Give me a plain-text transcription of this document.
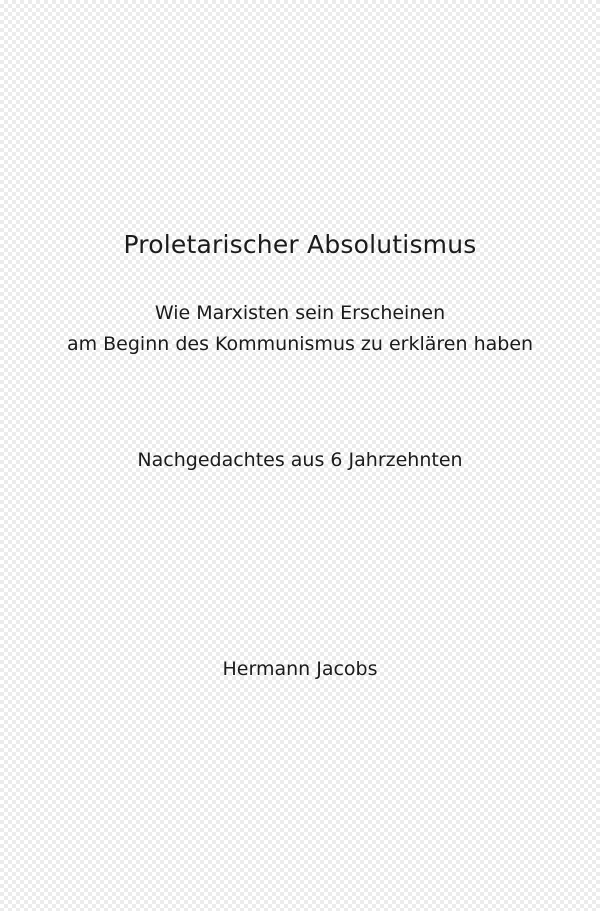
Proletarischer Absolutismus
Wie Marxisten sein Erscheinen
am Beginn des Kommunismus zu erklären haben
Nachgedachtes aus 6 Jahrzehnten
Hermann Jacobs
